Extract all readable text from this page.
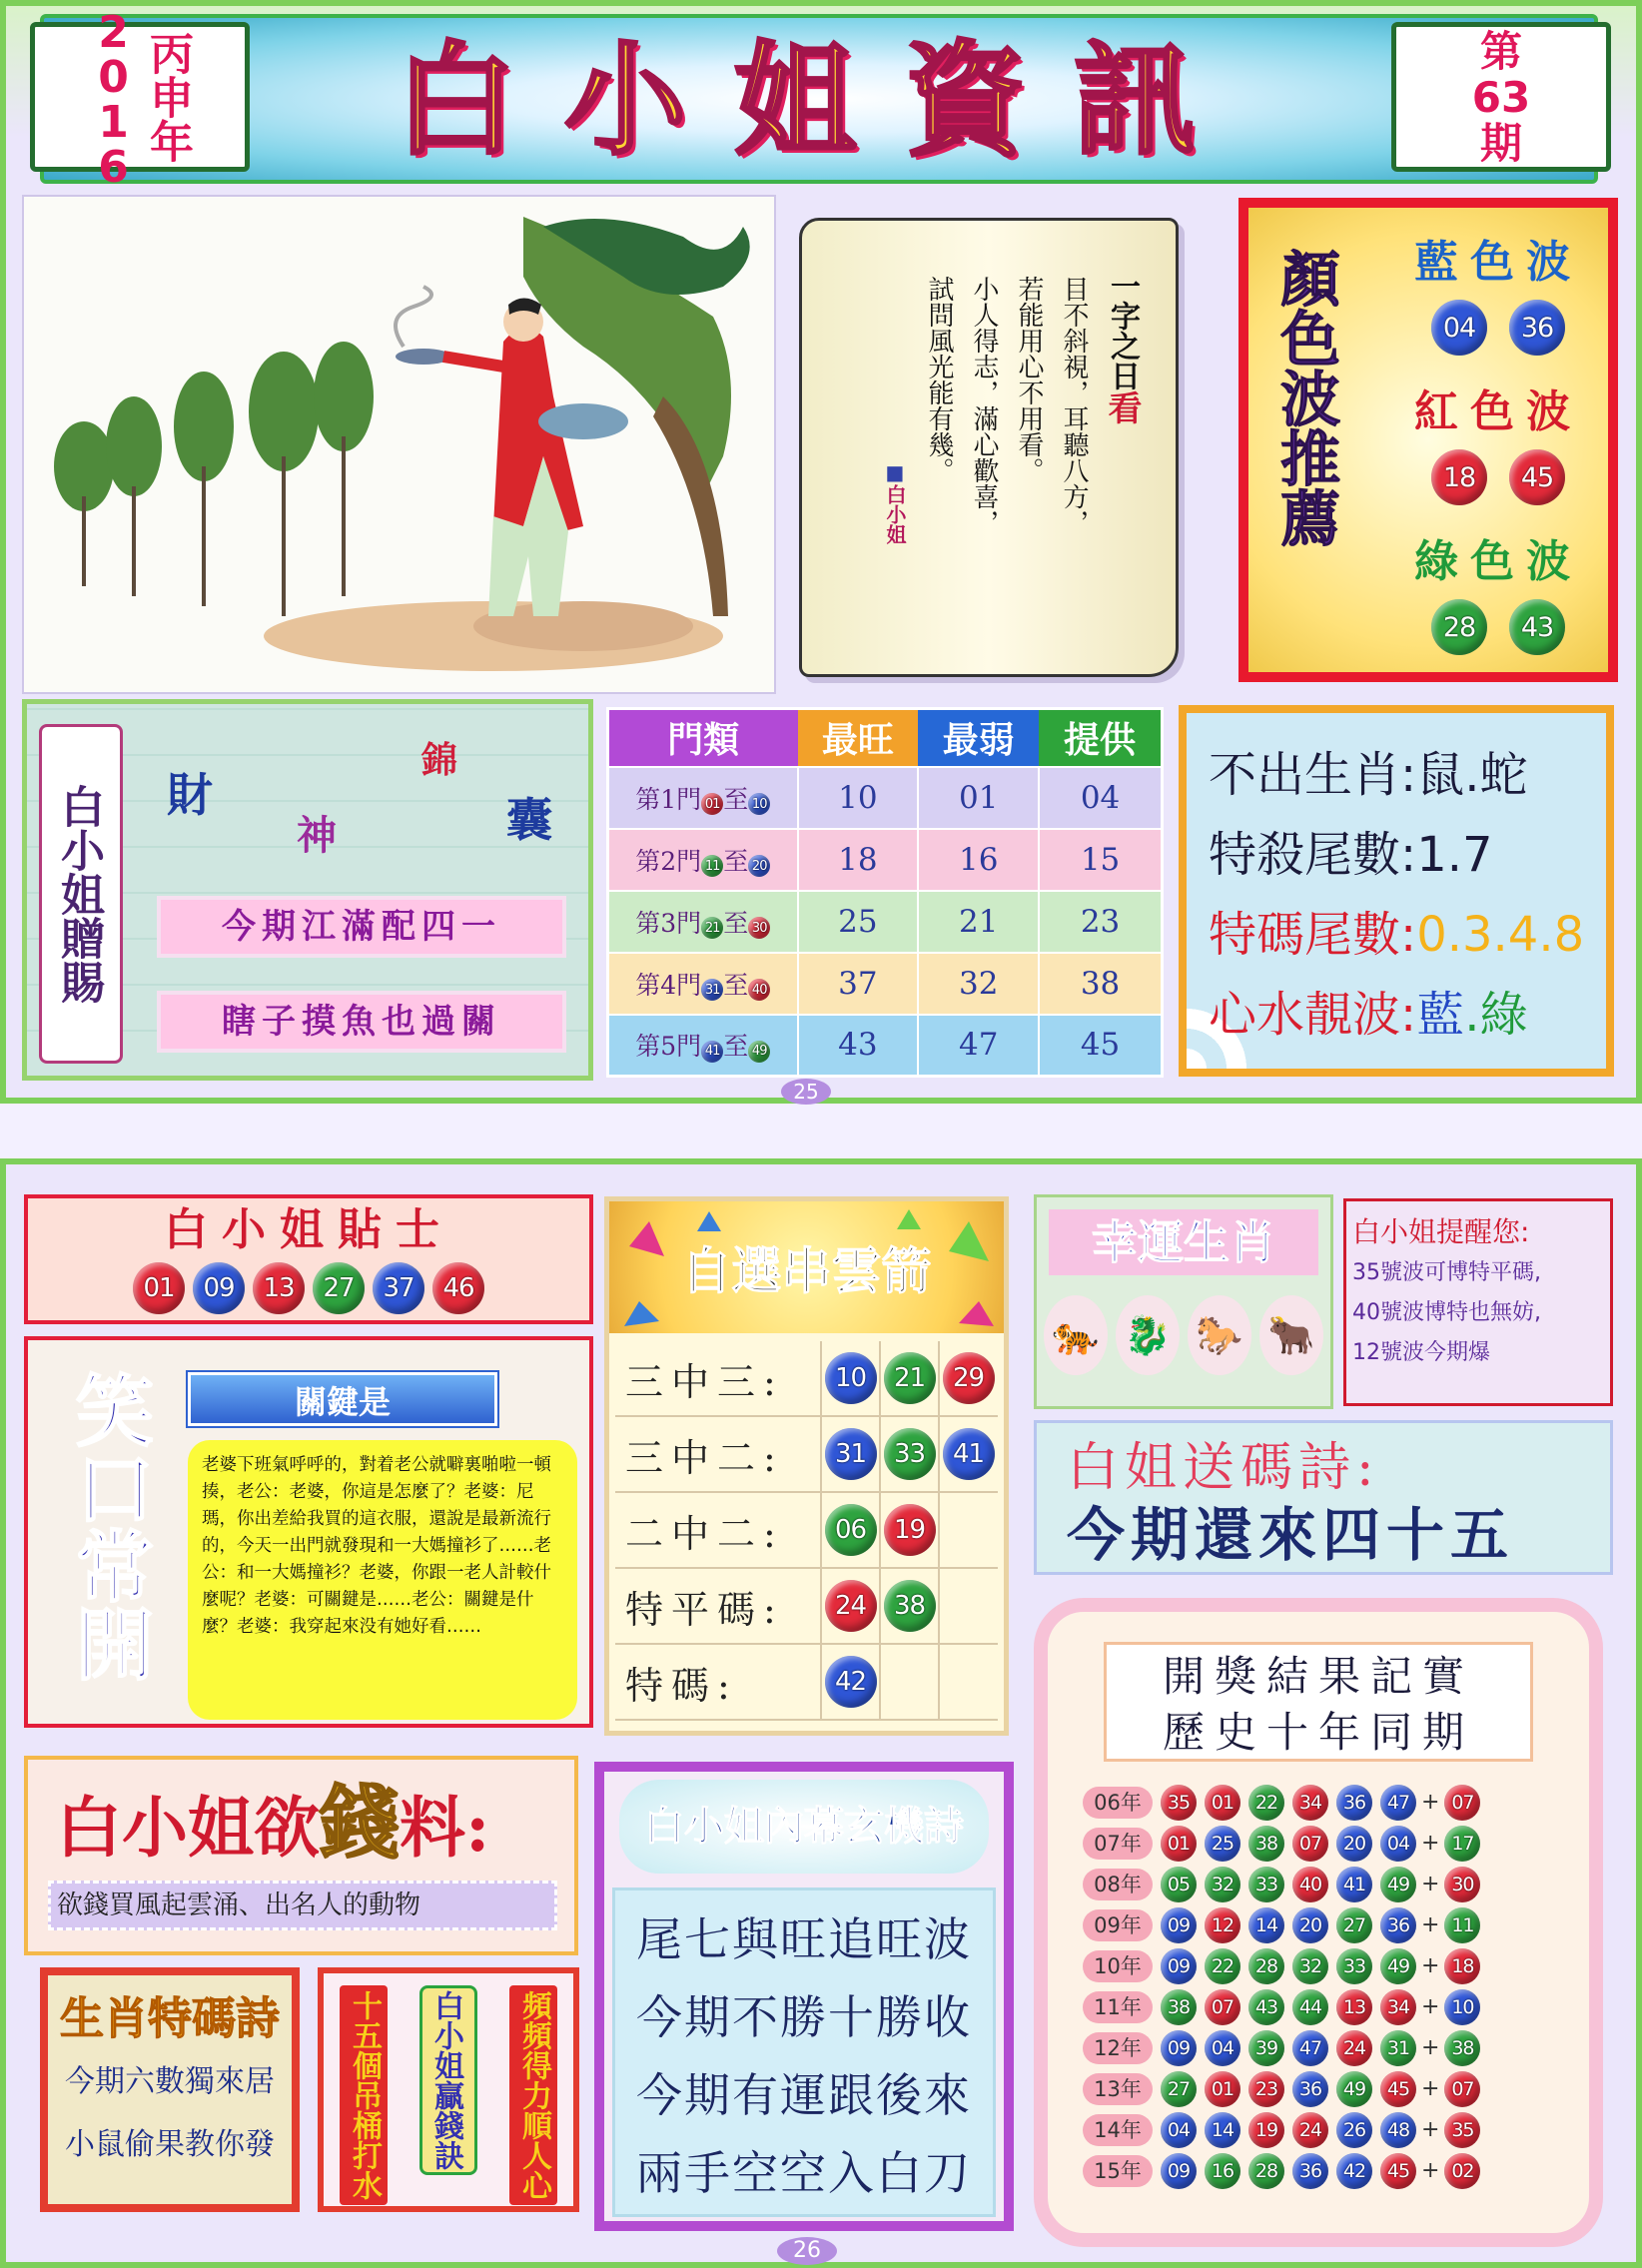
2016 丙申年	白小姐資訊	第
63
期
一字之日看
目不斜視，耳聽八方，
若能用心不用看。
小人得志，滿心歡喜，
試問風光能有幾。
■白小姐	顏色波推薦	藍色波
04	36
紅色波
18	45
綠色波
28	43
白小姐贈賜	財
神
錦
囊
今期江滿配四一
瞎子摸魚也過關
門類	最旺	最弱	提供
第1門 01 至 10	10	01	04
第2門 11 至 20	18	16	15
第3門 21 至 30	25	21	23
第4門 31 至 40	37	32	38
第5門 41 至 49	43	47	45
不出生肖:鼠.蛇
特殺尾數:1.7
特碼尾數:0.3.4.8
心水靚波:藍.綠
25
白小姐貼士
01	09	13	27	37	46
笑口常開	關鍵是
老婆下班氣呼呼的，對着老公就噼裏啪啦一頓揍，老公：老婆，你這是怎麼了？老婆：尼瑪，你出差給我買的這衣服，還說是最新流行的，今天一出門就發現和一大媽撞衫了……老公：和一大媽撞衫？老婆，你跟一老人計較什麼呢？老婆：可關鍵是……老公：關鍵是什麼？老婆：我穿起來没有她好看……
自選串雲箭
三中三:	10	21	29
三中二:	31	33	41
二中二:	06	19
特平碼:	24	38
特碼:	42
幸運生肖
🐅 🐉 🐎 🐂
白小姐提醒您:
35號波可博特平碼,
40號波博特也無妨,
12號波今期爆
白姐送碼詩:
今期還來四十五
開獎結果記實
歷史十年同期
06年	35	01	22	34	36	47 + 07
07年	01	25	38	07	20	04 + 17
08年	05	32	33	40	41	49 + 30
09年	09	12	14	20	27	36 + 11
10年	09	22	28	32	33	49 + 18
11年	38	07	43	44	13	34 + 10
12年	09	04	39	47	24	31 + 38
13年	27	01	23	36	49	45 + 07
14年	04	14	19	24	26	48 + 35
15年	09	16	28	36	42	45 + 02
白小姐欲錢料:
欲錢買風起雲涌、出名人的動物
生肖特碼詩
今期六數獨來居
小鼠偷果教你發	十五個吊桶打水	白小姐贏錢訣	頻頻得力順人心
白小姐內幕玄機詩
尾七與旺追旺波
今期不勝十勝收
今期有運跟後來
兩手空空入白刀
26
